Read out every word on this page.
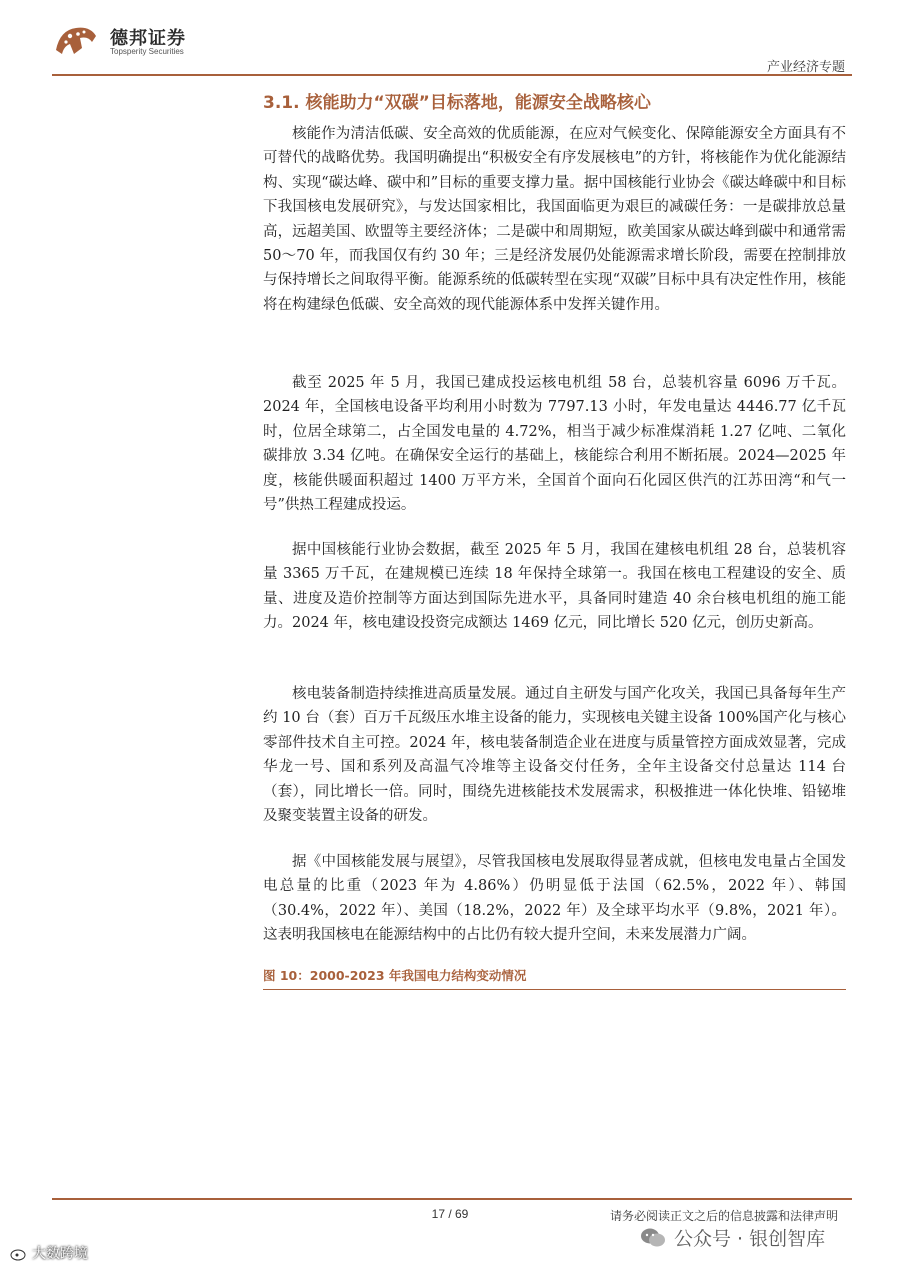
德邦证券
Topsperity Securities
产业经济专题
3.1. 核能助力“双碳”目标落地，能源安全战略核心

核能作为清洁低碳、安全高效的优质能源，在应对气候变化、保障能源安全方面具有不可替代的战略优势。我国明确提出“积极安全有序发展核电”的方针，将核能作为优化能源结构、实现“碳达峰、碳中和”目标的重要支撑力量。据中国核能行业协会《碳达峰碳中和目标下我国核电发展研究》，与发达国家相比，我国面临更为艰巨的减碳任务：一是碳排放总量高，远超美国、欧盟等主要经济体；二是碳中和周期短，欧美国家从碳达峰到碳中和通常需 50～70 年，而我国仅有约 30 年；三是经济发展仍处能源需求增长阶段，需要在控制排放与保持增长之间取得平衡。能源系统的低碳转型在实现“双碳”目标中具有决定性作用，核能将在构建绿色低碳、安全高效的现代能源体系中发挥关键作用。

截至 2025 年 5 月，我国已建成投运核电机组 58 台，总装机容量 6096 万千瓦。2024 年，全国核电设备平均利用小时数为 7797.13 小时，年发电量达 4446.77 亿千瓦时，位居全球第二，占全国发电量的 4.72%，相当于减少标准煤消耗 1.27 亿吨、二氧化碳排放 3.34 亿吨。在确保安全运行的基础上，核能综合利用不断拓展。2024—2025 年度，核能供暖面积超过 1400 万平方米，全国首个面向石化园区供汽的江苏田湾“和气一号”供热工程建成投运。

据中国核能行业协会数据，截至 2025 年 5 月，我国在建核电机组 28 台，总装机容量 3365 万千瓦，在建规模已连续 18 年保持全球第一。我国在核电工程建设的安全、质量、进度及造价控制等方面达到国际先进水平，具备同时建造 40 余台核电机组的施工能力。2024 年，核电建设投资完成额达 1469 亿元，同比增长 520 亿元，创历史新高。

核电装备制造持续推进高质量发展。通过自主研发与国产化攻关，我国已具备每年生产约 10 台（套）百万千瓦级压水堆主设备的能力，实现核电关键主设备 100%国产化与核心零部件技术自主可控。2024 年，核电装备制造企业在进度与质量管控方面成效显著，完成华龙一号、国和系列及高温气冷堆等主设备交付任务，全年主设备交付总量达 114 台（套），同比增长一倍。同时，围绕先进核能技术发展需求，积极推进一体化快堆、铅铋堆及聚变装置主设备的研发。

据《中国核能发展与展望》，尽管我国核电发展取得显著成就，但核电发电量占全国发电总量的比重（2023 年为 4.86%）仍明显低于法国（62.5%，2022 年）、韩国（30.4%，2022 年）、美国（18.2%，2022 年）及全球平均水平（9.8%，2021 年）。这表明我国核电在能源结构中的占比仍有较大提升空间，未来发展潜力广阔。

图 10：2000-2023 年我国电力结构变动情况
17 / 69	请务必阅读正文之后的信息披露和法律声明
公众号 · 银创智库
大数跨境
